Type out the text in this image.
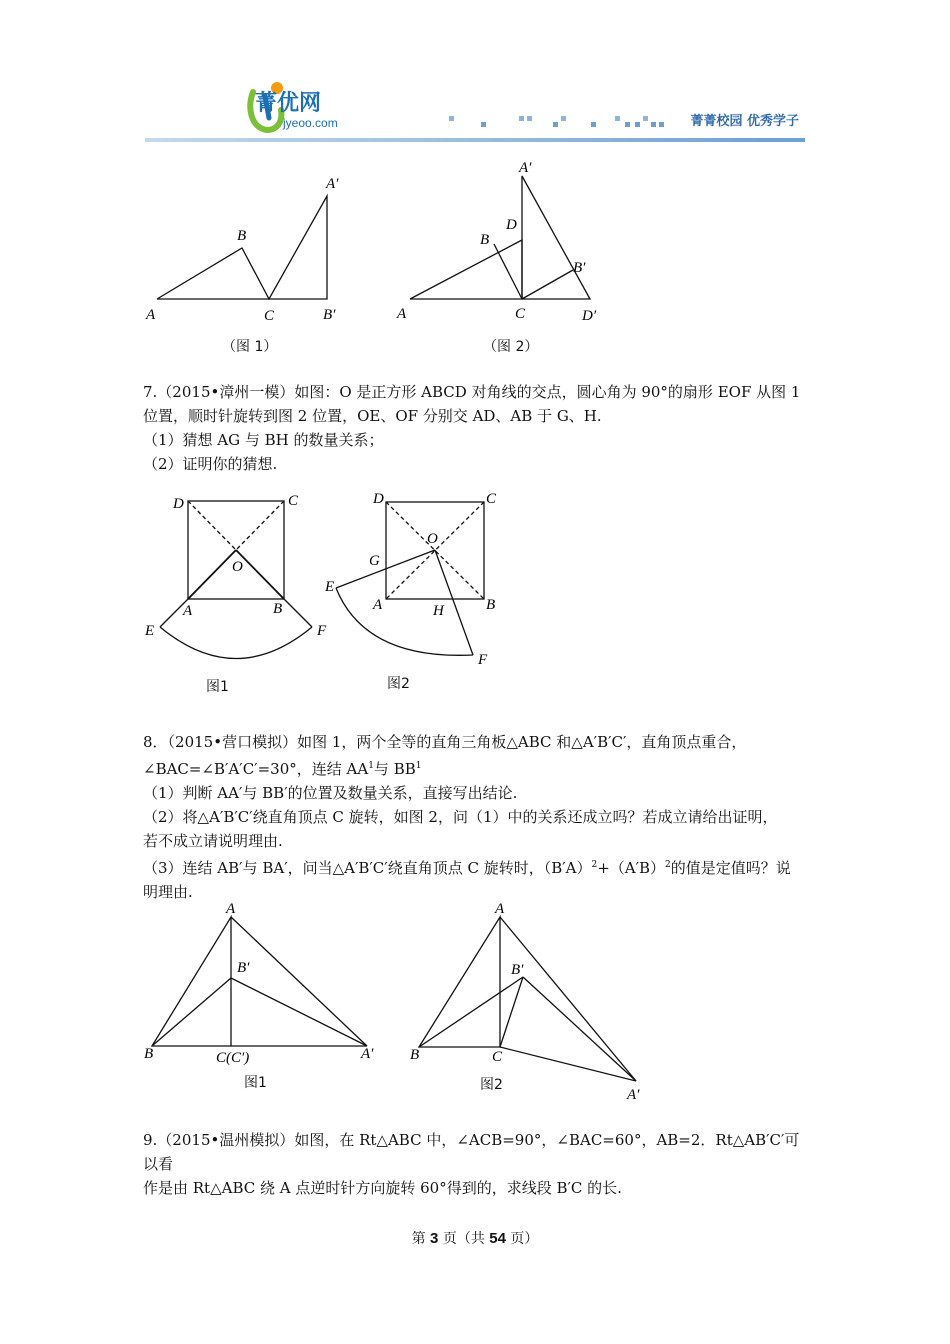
菁优网
jyeoo.com	菁菁校园 优秀学子
A
B
C
A′
B′	A
B
C
D
A′
B′
D′
（图 1）	（图 2）

7.（2015•漳州一模）如图：O 是正方形 ABCD 对角线的交点，圆心角为 90°的扇形 EOF 从图 1

位置，顺时针旋转到图 2 位置，OE、OF 分别交 AD、AB 于 G、H.

（1）猜想 AG 与 BH 的数量关系；

（2）证明你的猜想.

D	C
O
A	B
E	F
D	C
O
G
A	H	B
E
F
图1	图2

8．（2015•营口模拟）如图 1，两个全等的直角三角板△ABC 和△A′B′C′，直角顶点重合，

∠BAC=∠B′A′C′=30°，连结 $AA^1$与 $BB^1$

（1）判断 AA′与 BB′的位置及数量关系，直接写出结论.

（2）将△A′B′C′绕直角顶点 C 旋转，如图 2，问（1）中的关系还成立吗？若成立请给出证明，

若不成立请说明理由.

（3）连结 AB′与 BA′，问当△A′B′C′绕直角顶点 C 旋转时，$(B'A)^2+(A'B)^2$的值是定值吗？说

明理由.

A
B′
B	C(C′)	A′
A
B′
B	C
A′
图1	图2

9.（2015•温州模拟）如图，在 Rt△ABC 中，∠ACB=90°，∠BAC=60°，AB=2．Rt△AB′C′可以看

作是由 Rt△ABC 绕 A 点逆时针方向旋转 60°得到的，求线段 B′C 的长.

第 3 页（共 54 页）
